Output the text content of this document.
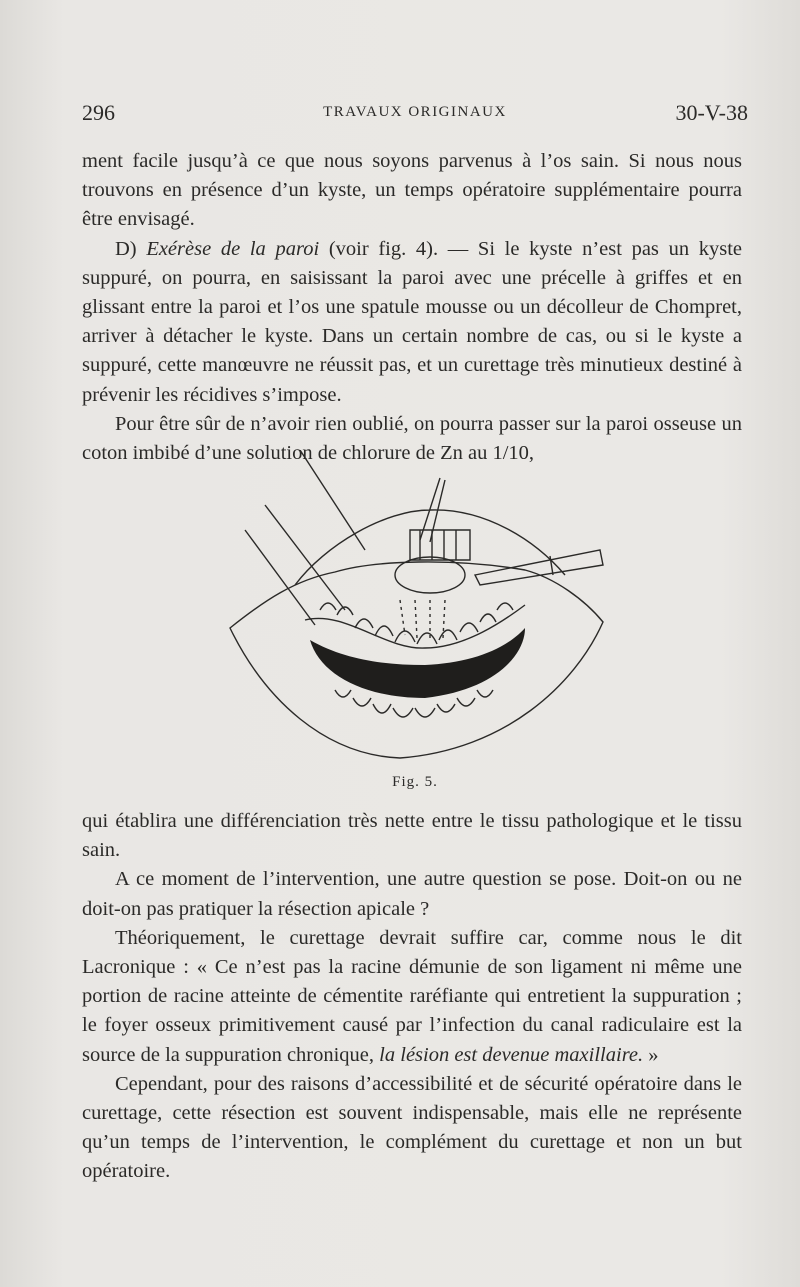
296	TRAVAUX ORIGINAUX	30-V-38

ment facile jusqu’à ce que nous soyons parvenus à l’os sain. Si nous nous trouvons en présence d’un kyste, un temps opératoire supplémentaire pourra être envisagé.

D) Exérèse de la paroi (voir fig. 4). — Si le kyste n’est pas un kyste suppuré, on pourra, en saisissant la paroi avec une précelle à griffes et en glissant entre la paroi et l’os une spatule mousse ou un décolleur de Chompret, arriver à détacher le kyste. Dans un certain nombre de cas, ou si le kyste a suppuré, cette manœuvre ne réussit pas, et un curettage très minutieux destiné à prévenir les récidives s’impose.

Pour être sûr de n’avoir rien oublié, on pourra passer sur la paroi osseuse un coton imbibé d’une solution de chlorure de Zn au 1/10,

Fig. 5.

qui établira une différenciation très nette entre le tissu pathologique et le tissu sain.

A ce moment de l’intervention, une autre question se pose. Doit-on ou ne doit-on pas pratiquer la résection apicale ?

Théoriquement, le curettage devrait suffire car, comme nous le dit Lacronique : « Ce n’est pas la racine démunie de son ligament ni même une portion de racine atteinte de cémentite raréfiante qui entretient la suppuration ; le foyer osseux primitivement causé par l’infection du canal radiculaire est la source de la suppuration chronique, la lésion est devenue maxillaire. »

Cependant, pour des raisons d’accessibilité et de sécurité opératoire dans le curettage, cette résection est souvent indispensable, mais elle ne représente qu’un temps de l’intervention, le complément du curettage et non un but opératoire.
